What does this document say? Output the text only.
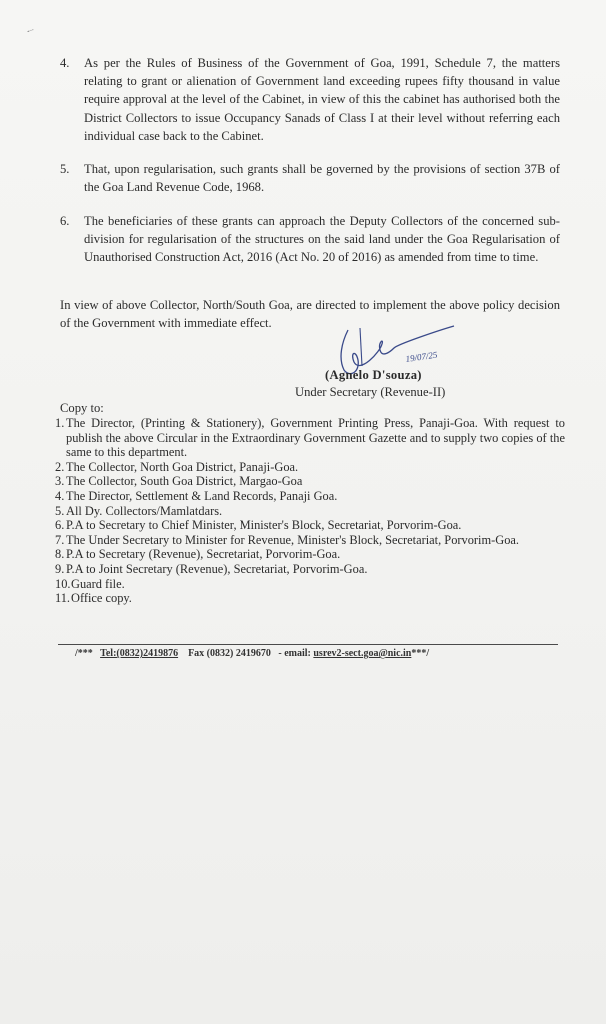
4. As per the Rules of Business of the Government of Goa, 1991, Schedule 7, the matters relating to grant or alienation of Government land exceeding rupees fifty thousand in value require approval at the level of the Cabinet, in view of this the cabinet has authorised both the District Collectors to issue Occupancy Sanads of Class I at their level without referring each individual case back to the Cabinet.
5. That, upon regularisation, such grants shall be governed by the provisions of section 37B of the Goa Land Revenue Code, 1968.
6. The beneficiaries of these grants can approach the Deputy Collectors of the concerned sub-division for regularisation of the structures on the said land under the Goa Regularisation of Unauthorised Construction Act, 2016 (Act No. 20 of 2016) as amended from time to time.
In view of above Collector, North/South Goa, are directed to implement the above policy decision of the Government with immediate effect.
19/07/25
(Agnelo D'souza)
Under Secretary (Revenue-II)
Copy to:
1. The Director, (Printing & Stationery), Government Printing Press, Panaji-Goa. With request to publish the above Circular in the Extraordinary Government Gazette and to supply two copies of the same to this department.
2. The Collector, North Goa District, Panaji-Goa.
3. The Collector, South Goa District, Margao-Goa
4. The Director, Settlement & Land Records, Panaji Goa.
5. All Dy. Collectors/Mamlatdars.
6. P.A to Secretary to Chief Minister, Minister's Block, Secretariat, Porvorim-Goa.
7. The Under Secretary to Minister for Revenue, Minister's Block, Secretariat, Porvorim-Goa.
8. P.A to Secretary (Revenue), Secretariat, Porvorim-Goa.
9. P.A to Joint Secretary (Revenue), Secretariat, Porvorim-Goa.
10. Guard file.
11. Office copy.
/*** Tel:(0832)2419876 Fax (0832) 2419670 - email: usrev2-sect.goa@nic.in***/
